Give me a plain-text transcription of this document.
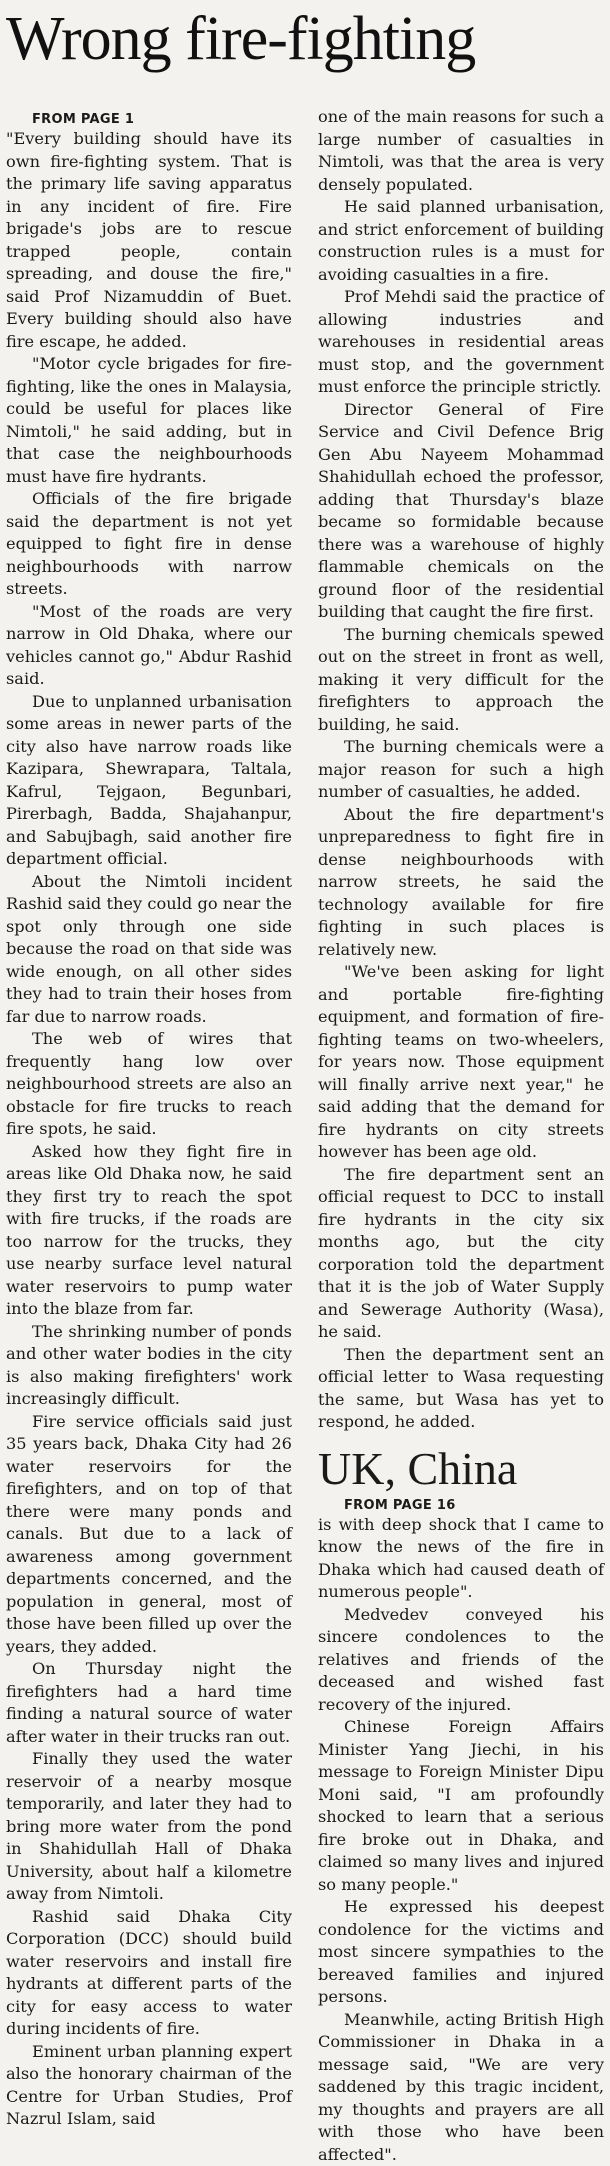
Wrong fire-fighting

FROM PAGE 1

"Every building should have its own fire-fighting system. That is the primary life saving apparatus in any incident of fire. Fire brigade's jobs are to rescue trapped people, contain spreading, and douse the fire," said Prof Nizamuddin of Buet. Every building should also have fire escape, he added.

"Motor cycle brigades for fire-fighting, like the ones in Malaysia, could be useful for places like Nimtoli," he said adding, but in that case the neighbourhoods must have fire hydrants.

Officials of the fire brigade said the department is not yet equipped to fight fire in dense neighbourhoods with narrow streets.

"Most of the roads are very narrow in Old Dhaka, where our vehicles cannot go," Abdur Rashid said.

Due to unplanned urbanisation some areas in newer parts of the city also have narrow roads like Kazipara, Shewrapara, Taltala, Kafrul, Tejgaon, Begunbari, Pirerbagh, Badda, Shajahanpur, and Sabujbagh, said another fire department official.

About the Nimtoli incident Rashid said they could go near the spot only through one side because the road on that side was wide enough, on all other sides they had to train their hoses from far due to narrow roads.

The web of wires that frequently hang low over neighbourhood streets are also an obstacle for fire trucks to reach fire spots, he said.

Asked how they fight fire in areas like Old Dhaka now, he said they first try to reach the spot with fire trucks, if the roads are too narrow for the trucks, they use nearby surface level natural water reservoirs to pump water into the blaze from far.

The shrinking number of ponds and other water bodies in the city is also making firefighters' work increasingly difficult.

Fire service officials said just 35 years back, Dhaka City had 26 water reservoirs for the firefighters, and on top of that there were many ponds and canals. But due to a lack of awareness among government departments concerned, and the population in general, most of those have been filled up over the years, they added.

On Thursday night the firefighters had a hard time finding a natural source of water after water in their trucks ran out.

Finally they used the water reservoir of a nearby mosque temporarily, and later they had to bring more water from the pond in Shahidullah Hall of Dhaka University, about half a kilometre away from Nimtoli.

Rashid said Dhaka City Corporation (DCC) should build water reservoirs and install fire hydrants at different parts of the city for easy access to water during incidents of fire.

Eminent urban planning expert also the honorary chairman of the Centre for Urban Studies, Prof Nazrul Islam, said

one of the main reasons for such a large number of casualties in Nimtoli, was that the area is very densely populated.

He said planned urbanisation, and strict enforcement of building construction rules is a must for avoiding casualties in a fire.

Prof Mehdi said the practice of allowing industries and warehouses in residential areas must stop, and the government must enforce the principle strictly.

Director General of Fire Service and Civil Defence Brig Gen Abu Nayeem Mohammad Shahidullah echoed the professor, adding that Thursday's blaze became so formidable because there was a warehouse of highly flammable chemicals on the ground floor of the residential building that caught the fire first.

The burning chemicals spewed out on the street in front as well, making it very difficult for the firefighters to approach the building, he said.

The burning chemicals were a major reason for such a high number of casualties, he added.

About the fire department's unpreparedness to fight fire in dense neighbourhoods with narrow streets, he said the technology available for fire fighting in such places is relatively new.

"We've been asking for light and portable fire-fighting equipment, and formation of fire-fighting teams on two-wheelers, for years now. Those equipment will finally arrive next year," he said adding that the demand for fire hydrants on city streets however has been age old.

The fire department sent an official request to DCC to install fire hydrants in the city six months ago, but the city corporation told the department that it is the job of Water Supply and Sewerage Authority (Wasa), he said.

Then the department sent an official letter to Wasa requesting the same, but Wasa has yet to respond, he added.

UK, China

FROM PAGE 16

is with deep shock that I came to know the news of the fire in Dhaka which had caused death of numerous people".

Medvedev conveyed his sincere condolences to the relatives and friends of the deceased and wished fast recovery of the injured.

Chinese Foreign Affairs Minister Yang Jiechi, in his message to Foreign Minister Dipu Moni said, "I am profoundly shocked to learn that a serious fire broke out in Dhaka, and claimed so many lives and injured so many people."

He expressed his deepest condolence for the victims and most sincere sympathies to the bereaved families and injured persons.

Meanwhile, acting British High Commissioner in Dhaka in a message said, "We are very saddened by this tragic incident, my thoughts and prayers are all with those who have been affected".
